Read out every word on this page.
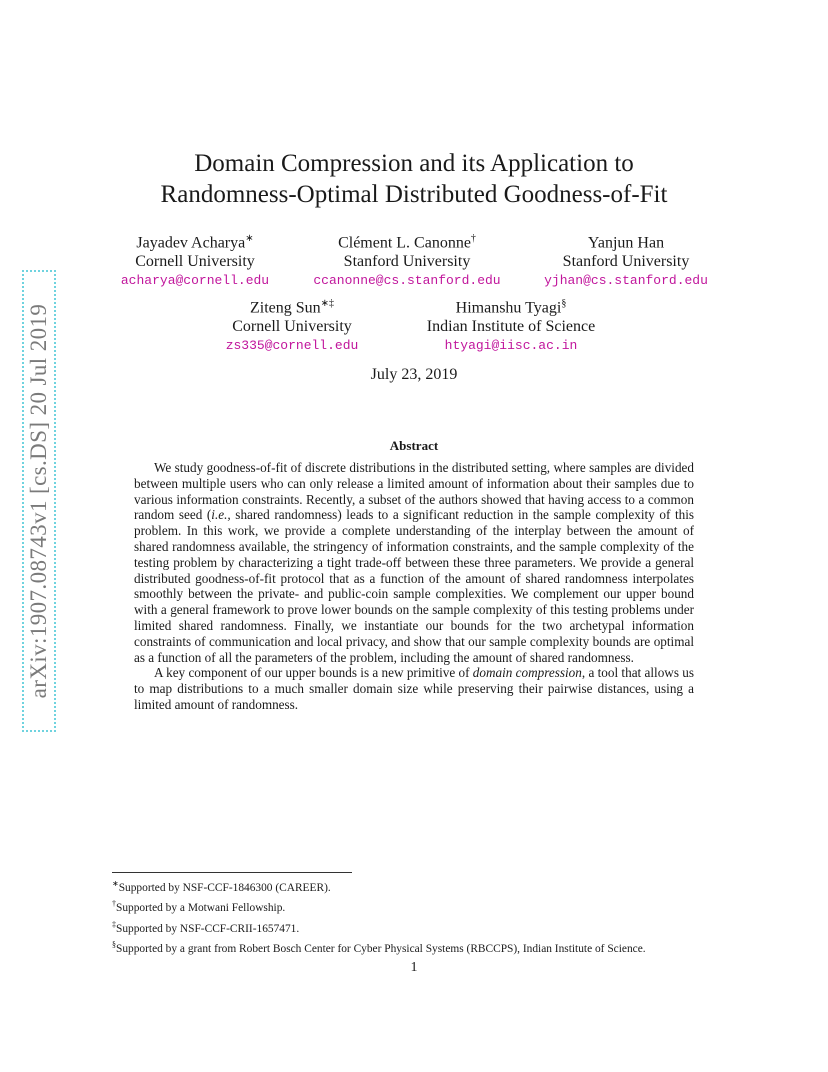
arXiv:1907.08743v1 [cs.DS] 20 Jul 2019
Domain Compression and its Application to
Randomness-Optimal Distributed Goodness-of-Fit
Jayadev Acharya∗
Cornell University
acharya@cornell.edu
Clément L. Canonne†
Stanford University
ccanonne@cs.stanford.edu
Yanjun Han
Stanford University
yjhan@cs.stanford.edu
Ziteng Sun∗‡
Cornell University
zs335@cornell.edu
Himanshu Tyagi§
Indian Institute of Science
htyagi@iisc.ac.in
July 23, 2019
Abstract

We study goodness-of-fit of discrete distributions in the distributed setting, where samples are divided between multiple users who can only release a limited amount of information about their samples due to various information constraints. Recently, a subset of the authors showed that having access to a common random seed (i.e., shared randomness) leads to a significant reduction in the sample complexity of this problem. In this work, we provide a complete understanding of the interplay between the amount of shared randomness available, the stringency of information constraints, and the sample complexity of the testing problem by characterizing a tight trade-off between these three parameters. We provide a general distributed goodness-of-fit protocol that as a function of the amount of shared randomness interpolates smoothly between the private- and public-coin sample complexities. We complement our upper bound with a general framework to prove lower bounds on the sample complexity of this testing problems under limited shared randomness. Finally, we instantiate our bounds for the two archetypal information constraints of communication and local privacy, and show that our sample complexity bounds are optimal as a function of all the parameters of the problem, including the amount of shared randomness.

A key component of our upper bounds is a new primitive of domain compression, a tool that allows us to map distributions to a much smaller domain size while preserving their pairwise distances, using a limited amount of randomness.

∗Supported by NSF-CCF-1846300 (CAREER).
†Supported by a Motwani Fellowship.
‡Supported by NSF-CCF-CRII-1657471.
§Supported by a grant from Robert Bosch Center for Cyber Physical Systems (RBCCPS), Indian Institute of Science.
1
